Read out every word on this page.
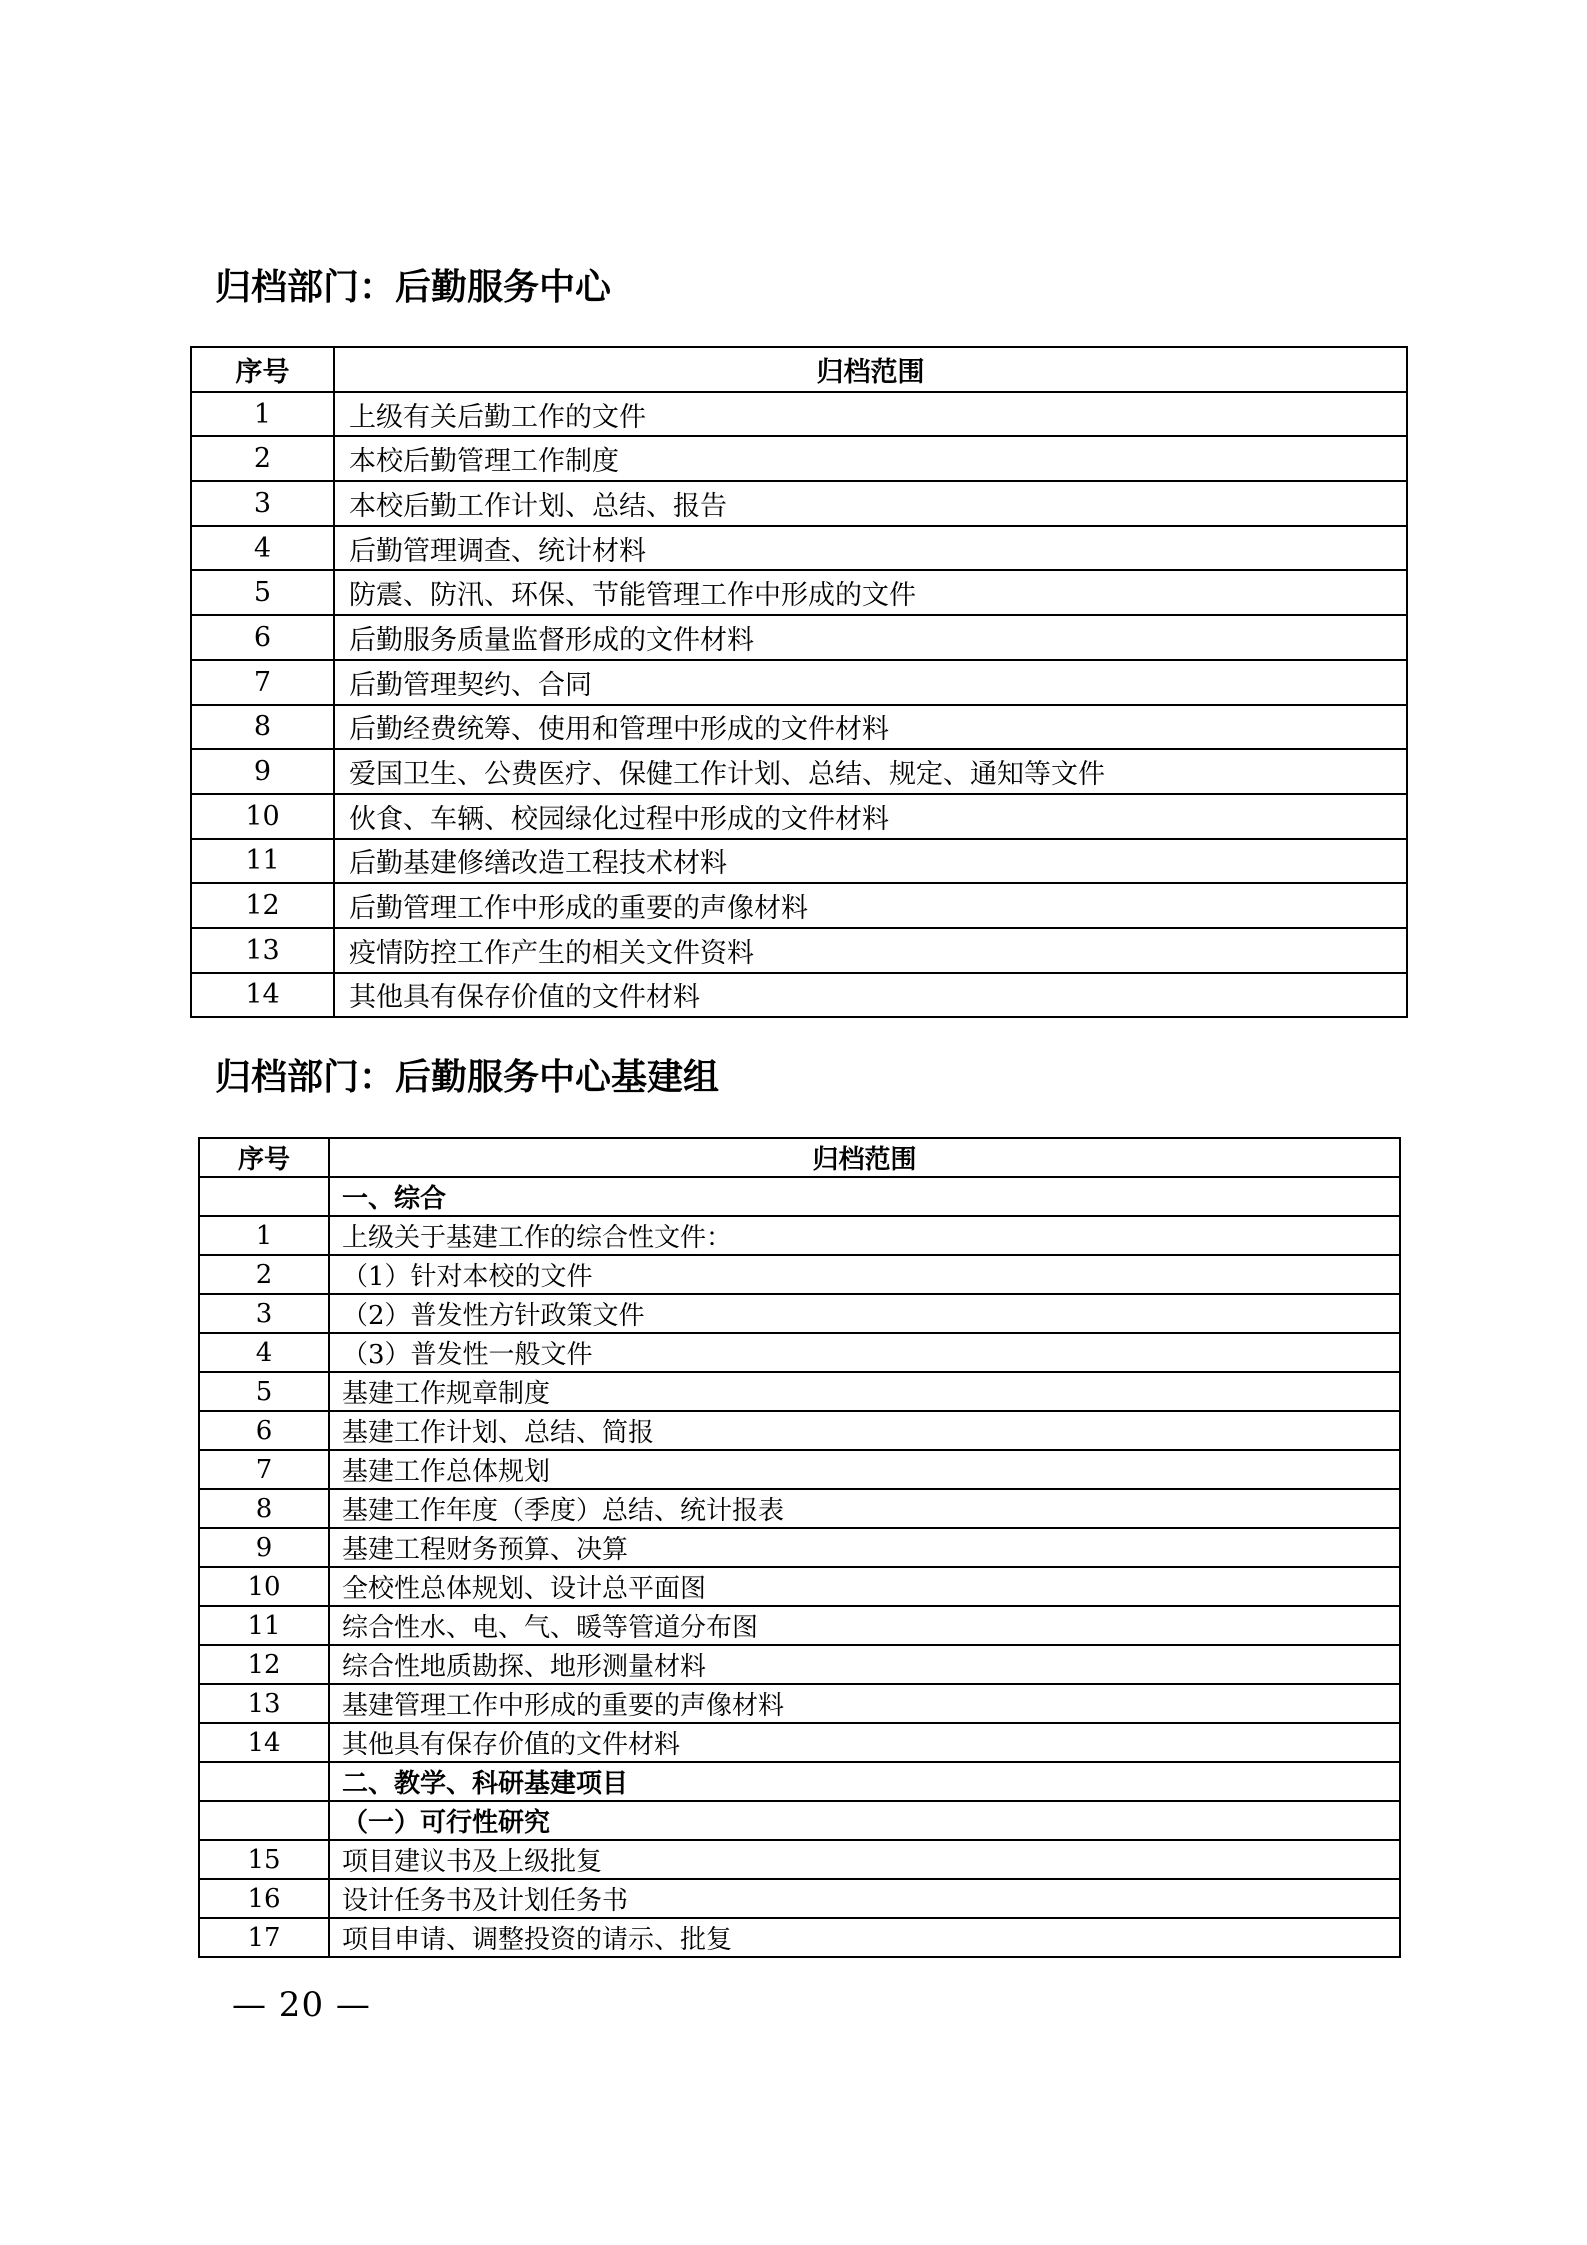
归档部门：后勤服务中心
序号	归档范围
1	上级有关后勤工作的文件
2	本校后勤管理工作制度
3	本校后勤工作计划、总结、报告
4	后勤管理调查、统计材料
5	防震、防汛、环保、节能管理工作中形成的文件
6	后勤服务质量监督形成的文件材料
7	后勤管理契约、合同
8	后勤经费统筹、使用和管理中形成的文件材料
9	爱国卫生、公费医疗、保健工作计划、总结、规定、通知等文件
10	伙食、车辆、校园绿化过程中形成的文件材料
11	后勤基建修缮改造工程技术材料
12	后勤管理工作中形成的重要的声像材料
13	疫情防控工作产生的相关文件资料
14	其他具有保存价值的文件材料
归档部门：后勤服务中心基建组
序号	归档范围
	一、综合
1	上级关于基建工作的综合性文件：
2	（1）针对本校的文件
3	（2）普发性方针政策文件
4	（3）普发性一般文件
5	基建工作规章制度
6	基建工作计划、总结、简报
7	基建工作总体规划
8	基建工作年度（季度）总结、统计报表
9	基建工程财务预算、决算
10	全校性总体规划、设计总平面图
11	综合性水、电、气、暖等管道分布图
12	综合性地质勘探、地形测量材料
13	基建管理工作中形成的重要的声像材料
14	其他具有保存价值的文件材料
	二、教学、科研基建项目
	（一）可行性研究
15	项目建议书及上级批复
16	设计任务书及计划任务书
17	项目申请、调整投资的请示、批复
— 20 —
